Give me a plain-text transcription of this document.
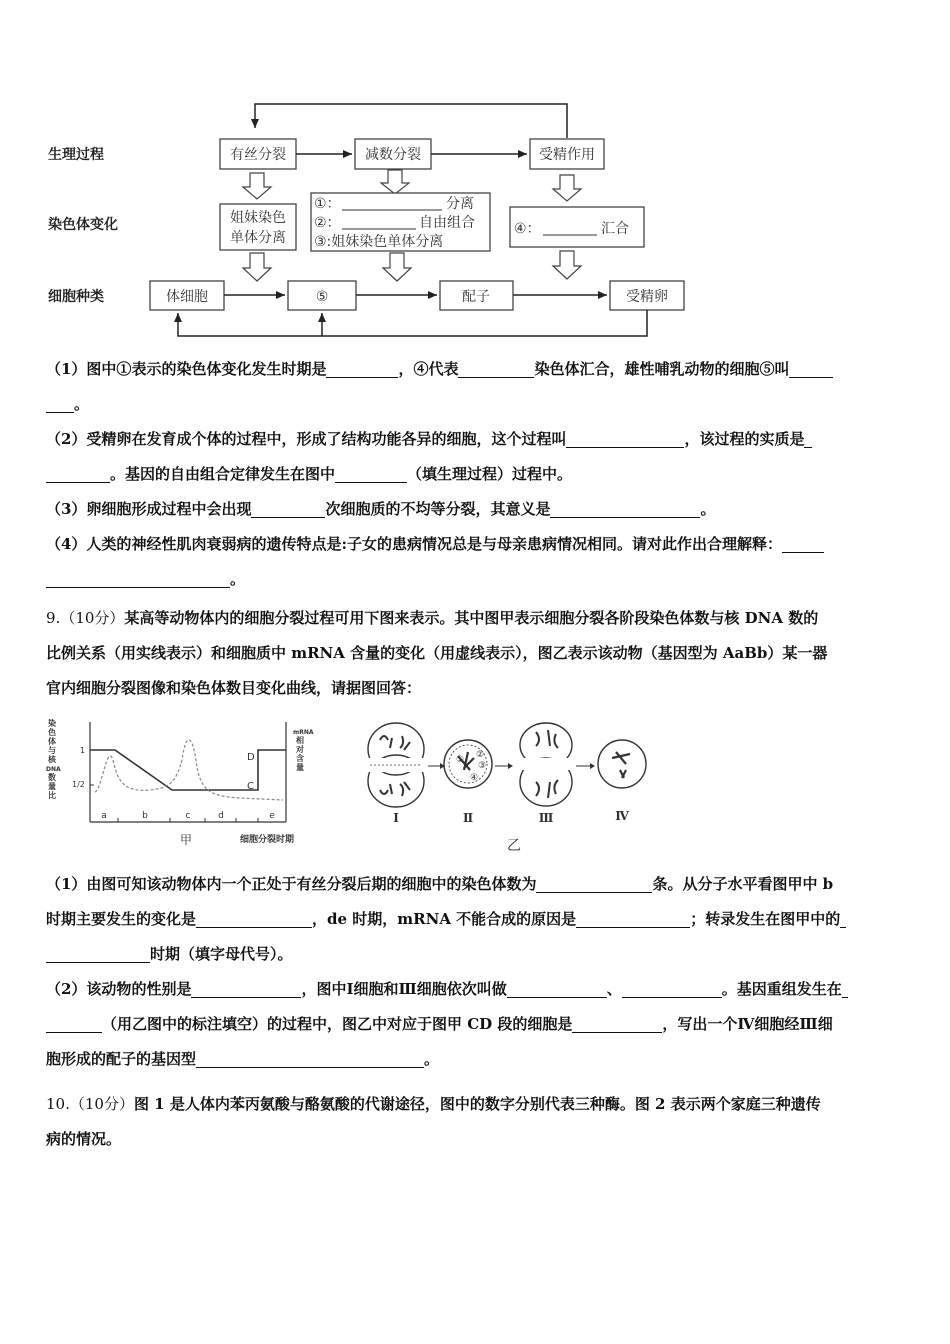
生理过程
染色体变化
细胞种类
有丝分裂	减数分裂	受精作用
姐妹染色
单体分离
①：	分离
②：	自由组合
③:姐妹染色单体分离
④：	汇合
体细胞	⑤	配子	受精卵

（1）图中①表示的染色体变化发生时期是	，④代表	染色体汇合，雄性哺乳动物的细胞⑤叫

。

（2）受精卵在发育成个体的过程中，形成了结构功能各异的细胞，这个过程叫	，该过程的实质是

。基因的自由组合定律发生在图中	（填生理过程）过程中。

（3）卵细胞形成过程中会出现	次细胞质的不均等分裂，其意义是	。

（4）人类的神经性肌肉衰弱病的遗传特点是:子女的患病情况总是与母亲患病情况相同。请对此作出合理解释：

。

9.（10分）某高等动物体内的细胞分裂过程可用下图来表示。其中图甲表示细胞分裂各阶段染色体数与核 DNA 数的

比例关系（用实线表示）和细胞质中 mRNA 含量的变化（用虚线表示），图乙表示该动物（基因型为 AaBb）某一器

官内细胞分裂图像和染色体数目变化曲线，请据图回答：

染
色
体
与
核
DNA
数
量
比
mRNA
相
对
含
量
1
1/2
D
C
a	b	c	d	e
甲	细胞分裂时期
① ②
③
④
Ⅰ	Ⅱ	Ⅲ	Ⅳ
乙

（1）由图可知该动物体内一个正处于有丝分裂后期的细胞中的染色体数为	条。从分子水平看图甲中 b

时期主要发生的变化是	，de 时期，mRNA 不能合成的原因是	；转录发生在图甲中的

时期（填字母代号）。

（2）该动物的性别是	，图中Ⅰ细胞和Ⅲ细胞依次叫做	、	。基因重组发生在

（用乙图中的标注填空）的过程中，图乙中对应于图甲 CD 段的细胞是	，写出一个Ⅳ细胞经Ⅲ细

胞形成的配子的基因型	。

10.（10分）图 1 是人体内苯丙氨酸与酪氨酸的代谢途径，图中的数字分别代表三种酶。图 2 表示两个家庭三种遗传

病的情况。
